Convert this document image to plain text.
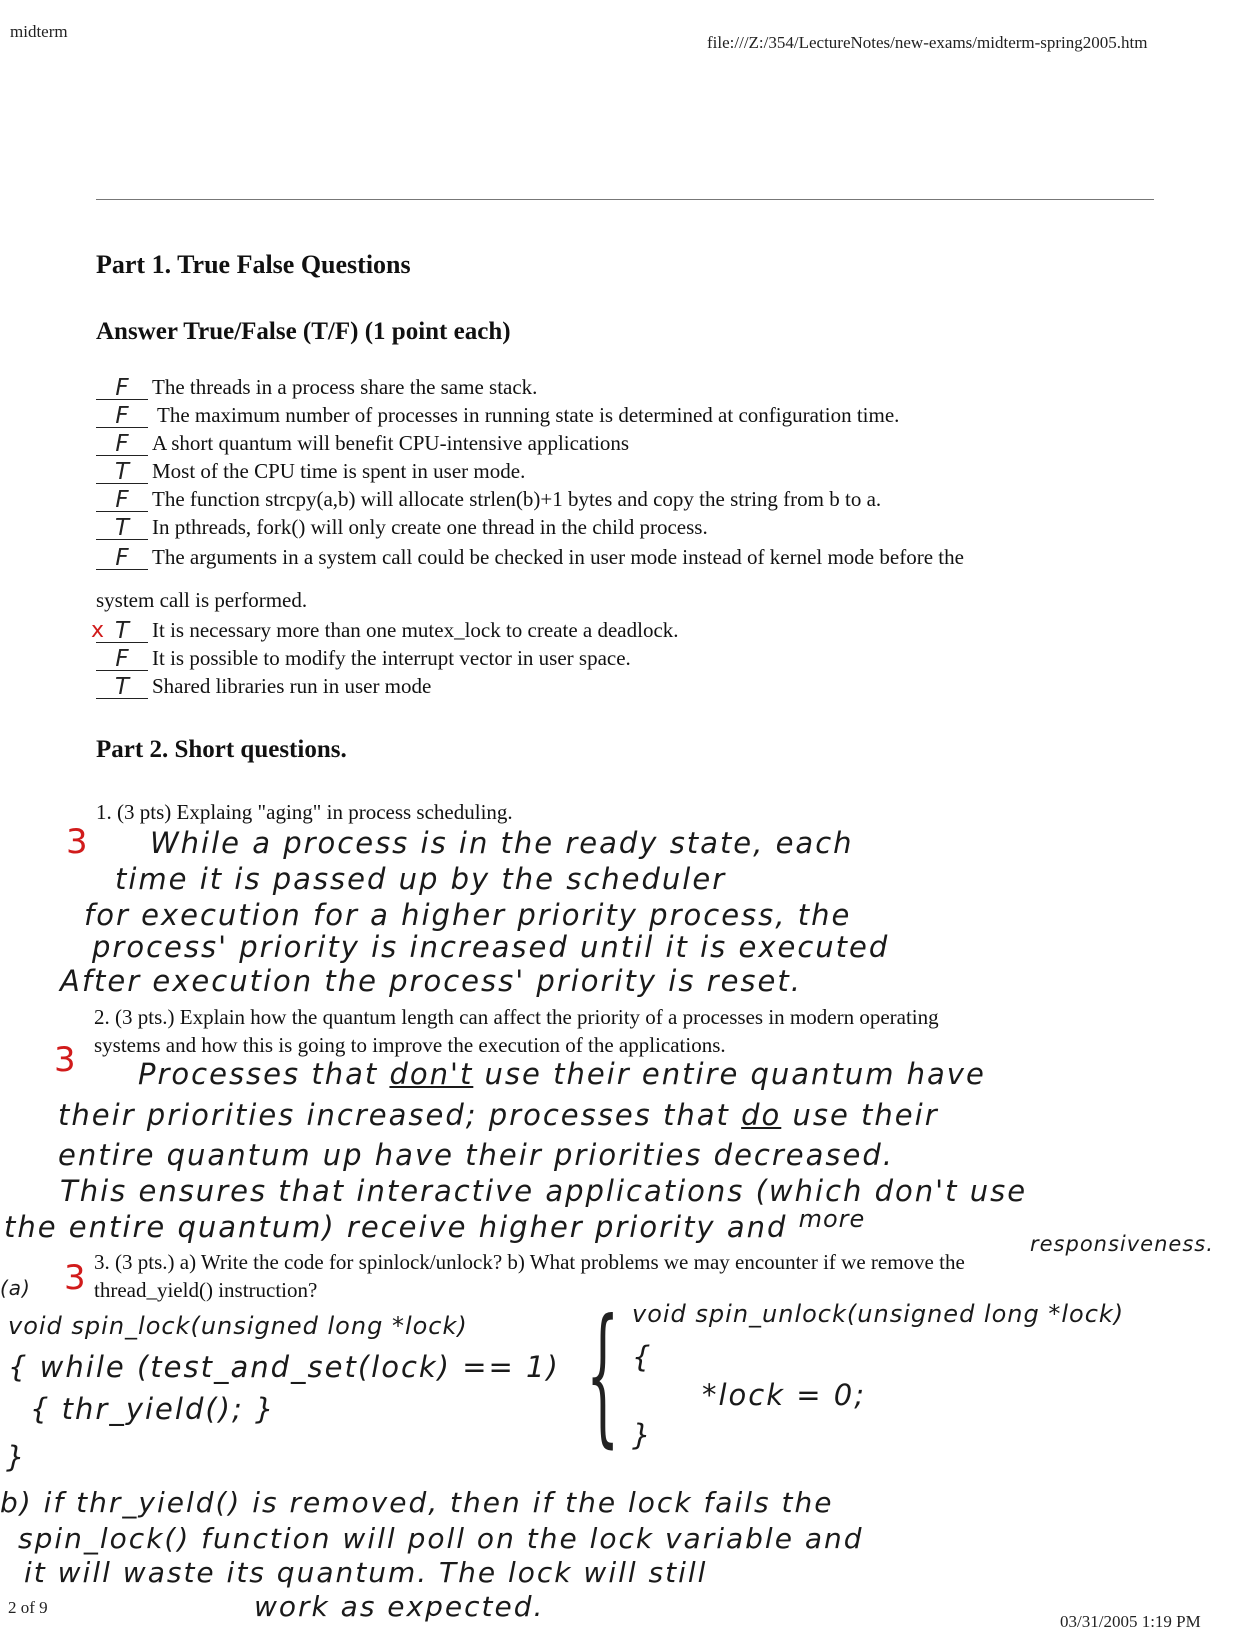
midterm
file:///Z:/354/LectureNotes/new-exams/midterm-spring2005.htm
Part 1. True False Questions
Answer True/False (T/F) (1 point each)
F The threads in a process share the same stack.
F The maximum number of processes in running state is determined at configuration time.
F A short quantum will benefit CPU-intensive applications
T Most of the CPU time is spent in user mode.
F The function strcpy(a,b) will allocate strlen(b)+1 bytes and copy the string from b to a.
T In pthreads, fork() will only create one thread in the child process.
F The arguments in a system call could be checked in user mode instead of kernel mode before the
system call is performed.
x T It is necessary more than one mutex_lock to create a deadlock.
F It is possible to modify the interrupt vector in user space.
T Shared libraries run in user mode
Part 2. Short questions.
1. (3 pts) Explaing "aging" in process scheduling.
3 While a process is in the ready state, each
time it is passed up by the scheduler
for execution for a higher priority process, the
process' priority is increased until it is executed
After execution the process' priority is reset.
2. (3 pts.) Explain how the quantum length can affect the priority of a processes in modern operating
systems and how this is going to improve the execution of the applications.
3 Processes that don't use their entire quantum have
their priorities increased; processes that do use their
entire quantum up have their priorities decreased.
This ensures that interactive applications (which don't use
the entire quantum) receive higher priority and $^{more}$
responsiveness.
3. (3 pts.) a) Write the code for spinlock/unlock? b) What problems we may encounter if we remove the
thread_yield() instruction?
(a) 3
void spin_lock(unsigned long *lock)
{ while (test_and_set(lock) == 1)
{ thr_yield(); }
}	{ void spin_unlock(unsigned long *lock)
{
*lock = 0;
}
b) if thr_yield() is removed, then if the lock fails the
spin_lock() function will poll on the lock variable and
it will waste its quantum. The lock will still
work as expected.
2 of 9
03/31/2005 1:19 PM
